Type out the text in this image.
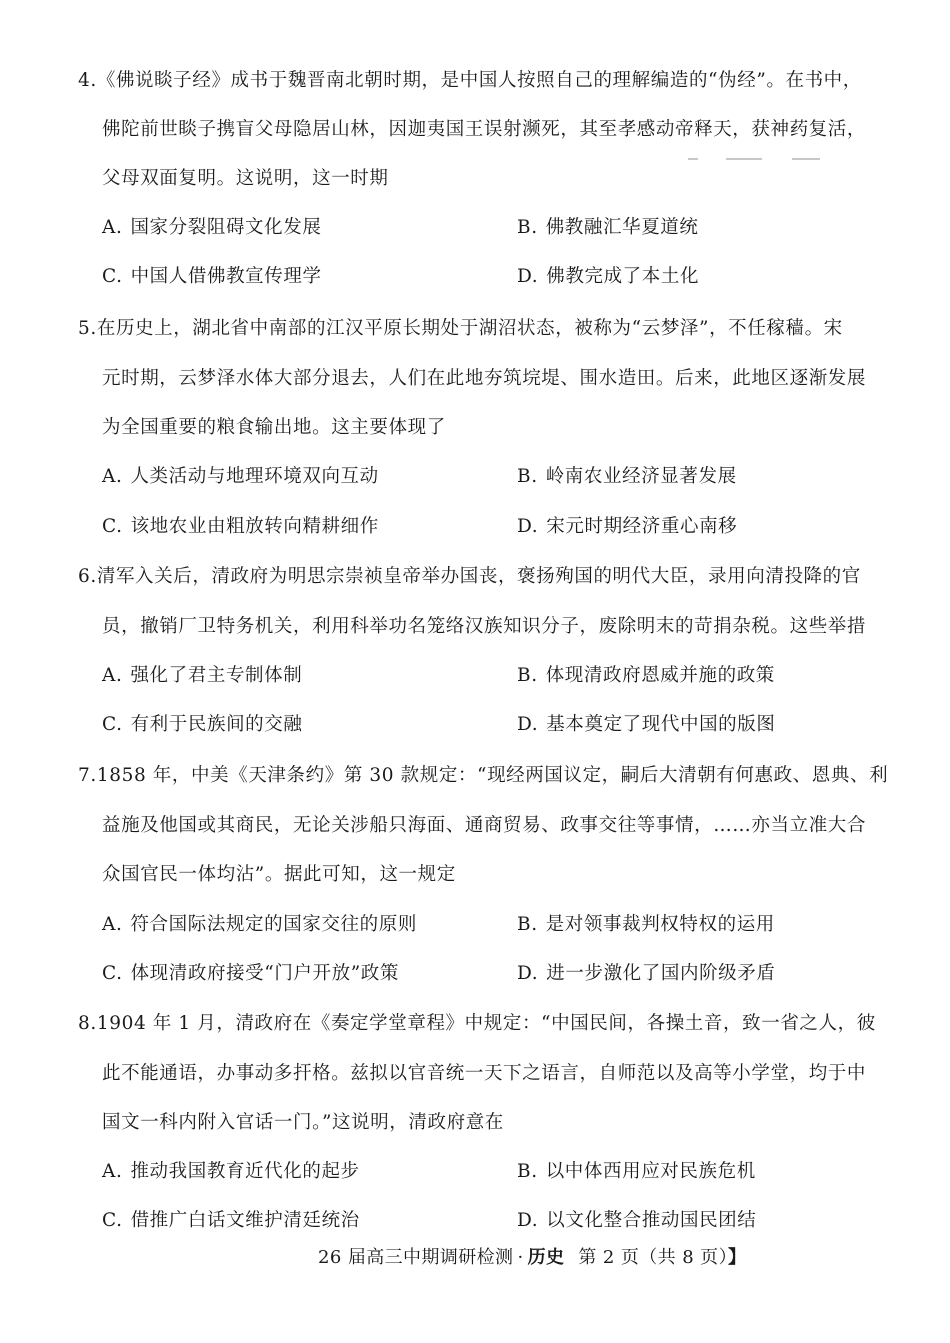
4.《佛说睒子经》成书于魏晋南北朝时期，是中国人按照自己的理解编造的“伪经”。在书中，
佛陀前世睒子携盲父母隐居山林，因迦夷国王误射濒死，其至孝感动帝释天，获神药复活，
父母双面复明。这说明，这一时期
A. 国家分裂阻碍文化发展	B. 佛教融汇华夏道统
C. 中国人借佛教宣传理学	D. 佛教完成了本土化
5.在历史上，湖北省中南部的江汉平原长期处于湖沼状态，被称为“云梦泽”，不任稼穑。宋
元时期，云梦泽水体大部分退去，人们在此地夯筑垸堤、围水造田。后来，此地区逐渐发展
为全国重要的粮食输出地。这主要体现了
A. 人类活动与地理环境双向互动	B. 岭南农业经济显著发展
C. 该地农业由粗放转向精耕细作	D. 宋元时期经济重心南移
6.清军入关后，清政府为明思宗崇祯皇帝举办国丧，褒扬殉国的明代大臣，录用向清投降的官
员，撤销厂卫特务机关，利用科举功名笼络汉族知识分子，废除明末的苛捐杂税。这些举措
A. 强化了君主专制体制	B. 体现清政府恩威并施的政策
C. 有利于民族间的交融	D. 基本奠定了现代中国的版图
7.1858 年，中美《天津条约》第 30 款规定：“现经两国议定，嗣后大清朝有何惠政、恩典、利
益施及他国或其商民，无论关涉船只海面、通商贸易、政事交往等事情，……亦当立准大合
众国官民一体均沾”。据此可知，这一规定
A. 符合国际法规定的国家交往的原则	B. 是对领事裁判权特权的运用
C. 体现清政府接受“门户开放”政策	D. 进一步激化了国内阶级矛盾
8.1904 年 1 月，清政府在《奏定学堂章程》中规定：“中国民间，各操土音，致一省之人，彼
此不能通语，办事动多扞格。兹拟以官音统一天下之语言，自师范以及高等小学堂，均于中
国文一科内附入官话一门。”这说明，清政府意在
A. 推动我国教育近代化的起步	B. 以中体西用应对民族危机
C. 借推广白话文维护清廷统治	D. 以文化整合推动国民团结
26 届高三中期调研检测 · 历史 第 2 页（共 8 页）】
